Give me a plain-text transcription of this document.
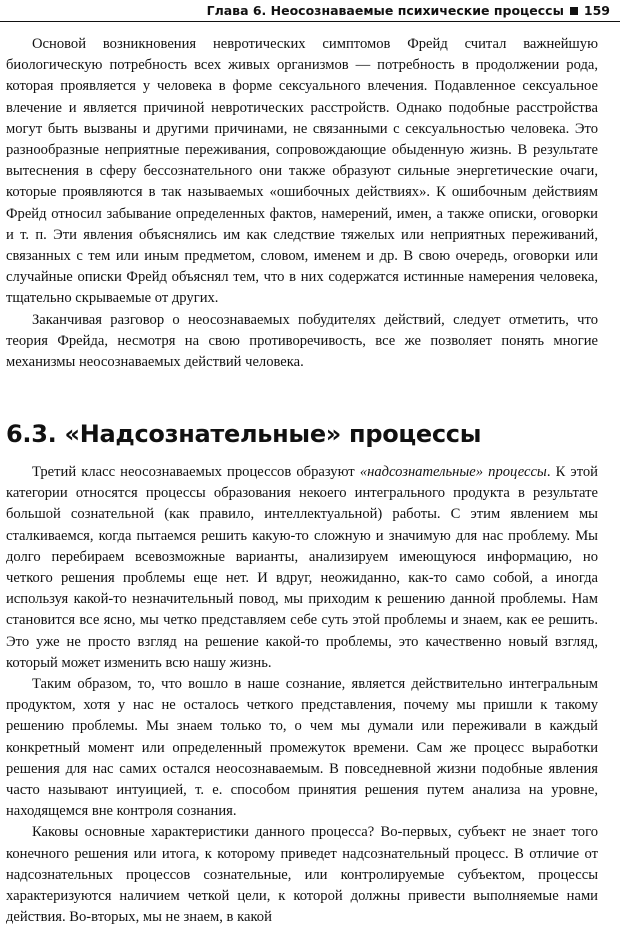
Глава 6. Неосознаваемые психические процессы 159

Основой возникновения невротических симптомов Фрейд считал важнейшую биологическую потребность всех живых организмов — потребность в продолжении рода, которая проявляется у человека в форме сексуального влечения. Подавленное сексуальное влечение и является причиной невротических расстройств. Однако подобные расстройства могут быть вызваны и другими причинами, не связанными с сексуальностью человека. Это разнообразные неприятные переживания, сопровождающие обыденную жизнь. В результате вытеснения в сферу бессознательного они также образуют сильные энергетические очаги, которые проявляются в так называемых «ошибочных действиях». К ошибочным действиям Фрейд относил забывание определенных фактов, намерений, имен, а также описки, оговорки и т. п. Эти явления объяснялись им как следствие тяжелых или неприятных переживаний, связанных с тем или иным предметом, словом, именем и др. В свою очередь, оговорки или случайные описки Фрейд объяснял тем, что в них содержатся истинные намерения человека, тщательно скрываемые от других.

Заканчивая разговор о неосознаваемых побудителях действий, следует отметить, что теория Фрейда, несмотря на свою противоречивость, все же позволяет понять многие механизмы неосознаваемых действий человека.

6.3. «Надсознательные» процессы

Третий класс неосознаваемых процессов образуют «надсознательные» процессы. К этой категории относятся процессы образования некоего интегрального продукта в результате большой сознательной (как правило, интеллектуальной) работы. С этим явлением мы сталкиваемся, когда пытаемся решить какую-то сложную и значимую для нас проблему. Мы долго перебираем всевозможные варианты, анализируем имеющуюся информацию, но четкого решения проблемы еще нет. И вдруг, неожиданно, как-то само собой, а иногда используя какой-то незначительный повод, мы приходим к решению данной проблемы. Нам становится все ясно, мы четко представляем себе суть этой проблемы и знаем, как ее решить. Это уже не просто взгляд на решение какой-то проблемы, это качественно новый взгляд, который может изменить всю нашу жизнь.

Таким образом, то, что вошло в наше сознание, является действительно интегральным продуктом, хотя у нас не осталось четкого представления, почему мы пришли к такому решению проблемы. Мы знаем только то, о чем мы думали или переживали в каждый конкретный момент или определенный промежуток времени. Сам же процесс выработки решения для нас самих остался неосознаваемым. В повседневной жизни подобные явления часто называют интуицией, т. е. способом принятия решения путем анализа на уровне, находящемся вне контроля сознания.

Каковы основные характеристики данного процесса? Во-первых, субъект не знает того конечного решения или итога, к которому приведет надсознательный процесс. В отличие от надсознательных процессов сознательные, или контролируемые субъектом, процессы характеризуются наличием четкой цели, к которой должны привести выполняемые нами действия. Во-вторых, мы не знаем, в какой
